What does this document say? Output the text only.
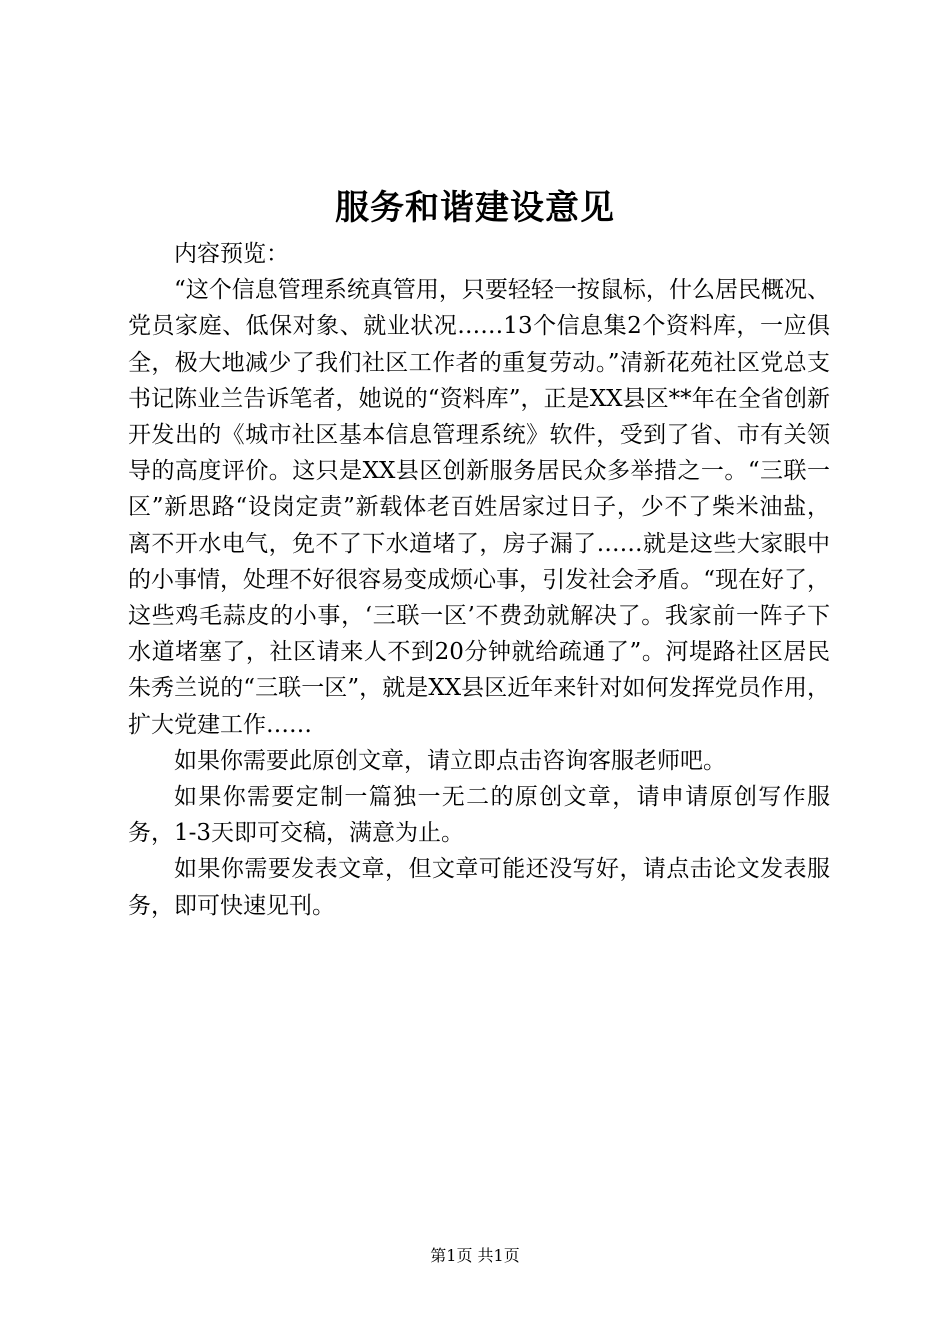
服务和谐建设意见

内容预览：

“这个信息管理系统真管用，只要轻轻一按鼠标，什么居民概况、党员家庭、低保对象、就业状况……13个信息集2个资料库，一应俱全，极大地减少了我们社区工作者的重复劳动。”清新花苑社区党总支书记陈业兰告诉笔者，她说的“资料库”，正是XX县区**年在全省创新开发出的《城市社区基本信息管理系统》软件，受到了省、市有关领导的高度评价。这只是XX县区创新服务居民众多举措之一。“三联一区”新思路“设岗定责”新载体老百姓居家过日子，少不了柴米油盐，离不开水电气，免不了下水道堵了，房子漏了……就是这些大家眼中的小事情，处理不好很容易变成烦心事，引发社会矛盾。“现在好了，这些鸡毛蒜皮的小事，‘三联一区’不费劲就解决了。我家前一阵子下水道堵塞了，社区请来人不到20分钟就给疏通了”。河堤路社区居民朱秀兰说的“三联一区”，就是XX县区近年来针对如何发挥党员作用，扩大党建工作……

如果你需要此原创文章，请立即点击咨询客服老师吧。

如果你需要定制一篇独一无二的原创文章，请申请原创写作服务，1-3天即可交稿，满意为止。

如果你需要发表文章，但文章可能还没写好，请点击论文发表服务，即可快速见刊。

第1页 共1页
